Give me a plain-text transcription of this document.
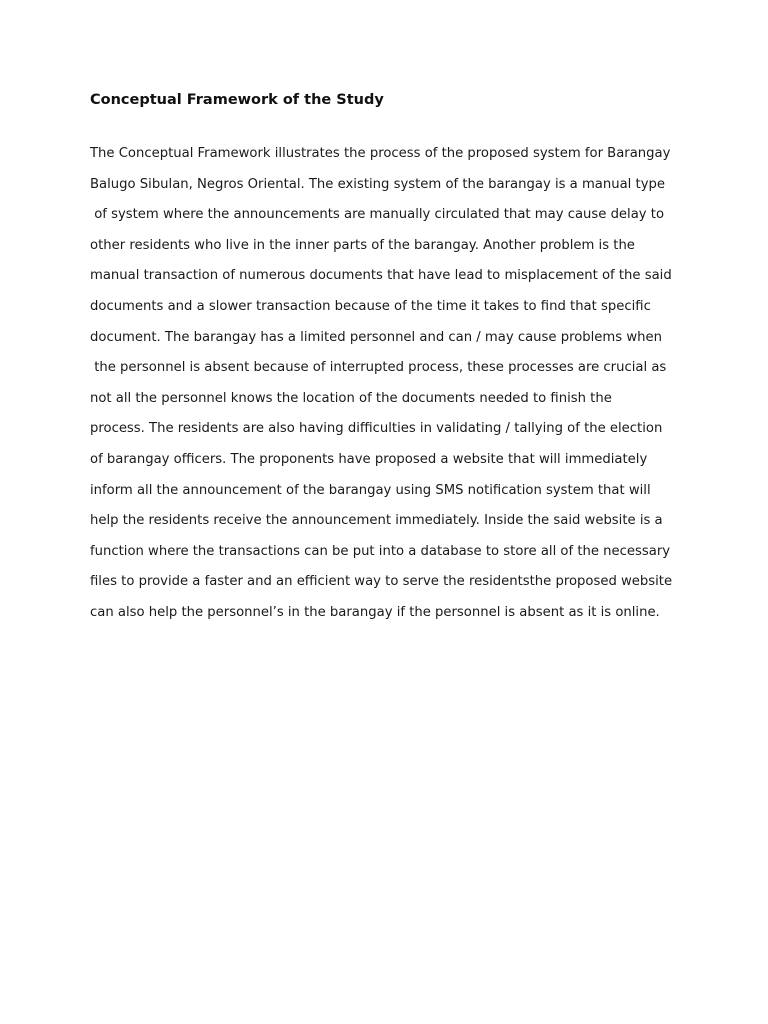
Conceptual Framework of the Study
The Conceptual Framework illustrates the process of the proposed system for Barangay
Balugo Sibulan, Negros Oriental. The existing system of the barangay is a manual type
of system where the announcements are manually circulated that may cause delay to
other residents who live in the inner parts of the barangay. Another problem is the
manual transaction of numerous documents that have lead to misplacement of the said
documents and a slower transaction because of the time it takes to find that specific
document. The barangay has a limited personnel and can / may cause problems when
the personnel is absent because of interrupted process, these processes are crucial as
not all the personnel knows the location of the documents needed to finish the
process. The residents are also having difficulties in validating / tallying of the election
of barangay officers. The proponents have proposed a website that will immediately
inform all the announcement of the barangay using SMS notification system that will
help the residents receive the announcement immediately. Inside the said website is a
function where the transactions can be put into a database to store all of the necessary
files to provide a faster and an efficient way to serve the residentsthe proposed website
can also help the personnel’s in the barangay if the personnel is absent as it is online.
